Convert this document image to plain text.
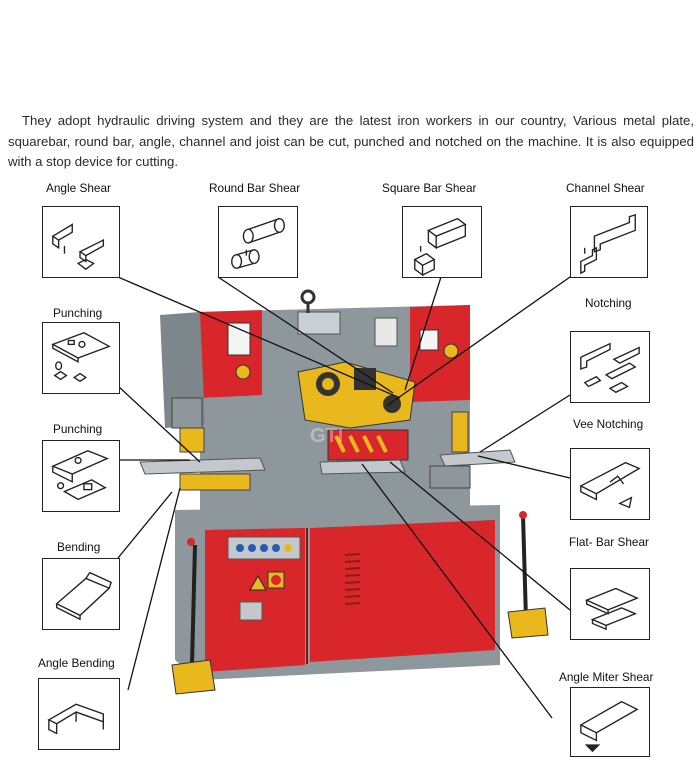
They adopt hydraulic driving system and they are the latest iron workers in our country, Various metal plate, squarebar, round bar, angle, channel and joist can be cut, punched and notched on the machine. It is also equipped with a stop device for cutting.

GTI
Angle Shear	Round Bar Shear	Square Bar Shear	Channel Shear
Punching
Notching
Punching	Vee Notching
Bending	Flat- Bar Shear
Angle Bending
Angle Miter Shear
